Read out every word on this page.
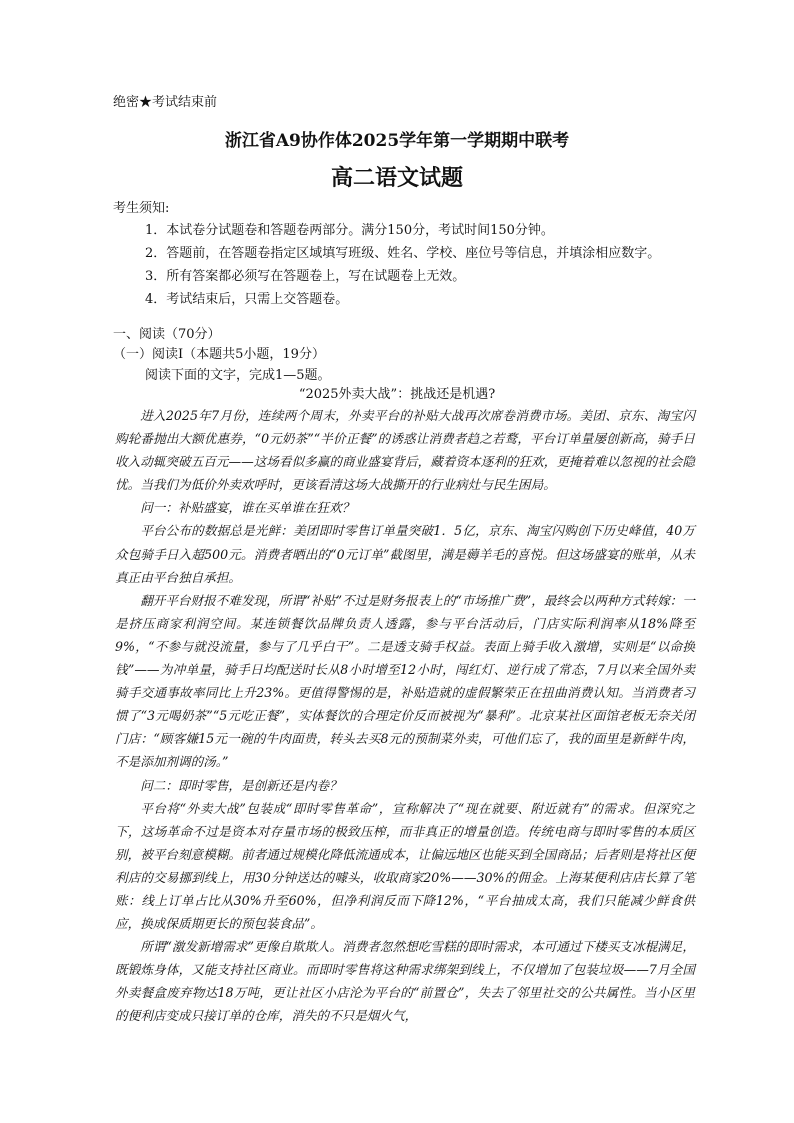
绝密★考试结束前
浙江省A9协作体2025学年第一学期期中联考
高二语文试题
考生须知:
1．本试卷分试题卷和答题卷两部分。满分150分，考试时间150分钟。
2．答题前，在答题卷指定区域填写班级、姓名、学校、座位号等信息，并填涂相应数字。
3．所有答案都必须写在答题卷上，写在试题卷上无效。
4．考试结束后，只需上交答题卷。
一、阅读（70分）
（一）阅读Ⅰ（本题共5小题，19分）
阅读下面的文字，完成1—5题。
“2025外卖大战”：挑战还是机遇?

进入2025年7月份，连续两个周末，外卖平台的补贴大战再次席卷消费市场。美团、京东、淘宝闪购轮番抛出大额优惠券，“0元奶茶”“半价正餐”的诱惑让消费者趋之若鹜，平台订单量屡创新高，骑手日收入动辄突破五百元——这场看似多赢的商业盛宴背后，藏着资本逐利的狂欢，更掩着难以忽视的社会隐忧。当我们为低价外卖欢呼时，更该看清这场大战撕开的行业病灶与民生困局。

问一：补贴盛宴，谁在买单谁在狂欢？

平台公布的数据总是光鲜：美团即时零售订单量突破1．5亿，京东、淘宝闪购创下历史峰值，40万众包骑手日入超500元。消费者晒出的“0元订单”截图里，满是薅羊毛的喜悦。但这场盛宴的账单，从未真正由平台独自承担。

翻开平台财报不难发现，所谓“补贴”不过是财务报表上的“市场推广费”，最终会以两种方式转嫁：一是挤压商家利润空间。某连锁餐饮品牌负责人透露，参与平台活动后，门店实际利润率从18%降至9%，“不参与就没流量，参与了几乎白干”。二是透支骑手权益。表面上骑手收入激增，实则是“以命换钱”——为冲单量，骑手日均配送时长从8小时增至12小时，闯红灯、逆行成了常态，7月以来全国外卖骑手交通事故率同比上升23%。更值得警惕的是，补贴造就的虚假繁荣正在扭曲消费认知。当消费者习惯了“3元喝奶茶”“5元吃正餐”，实体餐饮的合理定价反而被视为“暴利”。北京某社区面馆老板无奈关闭门店：“顾客嫌15元一碗的牛肉面贵，转头去买8元的预制菜外卖，可他们忘了，我的面里是新鲜牛肉，不是添加剂调的汤。”

问二：即时零售，是创新还是内卷？

平台将“外卖大战”包装成“即时零售革命”，宣称解决了“现在就要、附近就有”的需求。但深究之下，这场革命不过是资本对存量市场的极致压榨，而非真正的增量创造。传统电商与即时零售的本质区别，被平台刻意模糊。前者通过规模化降低流通成本，让偏远地区也能买到全国商品；后者则是将社区便利店的交易挪到线上，用30分钟送达的噱头，收取商家20%——30%的佣金。上海某便利店店长算了笔账：线上订单占比从30%升至60%，但净利润反而下降12%，“平台抽成太高，我们只能减少鲜食供应，换成保质期更长的预包装食品”。

所谓“激发新增需求”更像自欺欺人。消费者忽然想吃雪糕的即时需求，本可通过下楼买支冰棍满足，既锻炼身体，又能支持社区商业。而即时零售将这种需求绑架到线上，不仅增加了包装垃圾——7月全国外卖餐盒废弃物达18万吨，更让社区小店沦为平台的“前置仓”，失去了邻里社交的公共属性。当小区里的便利店变成只接订单的仓库，消失的不只是烟火气，
